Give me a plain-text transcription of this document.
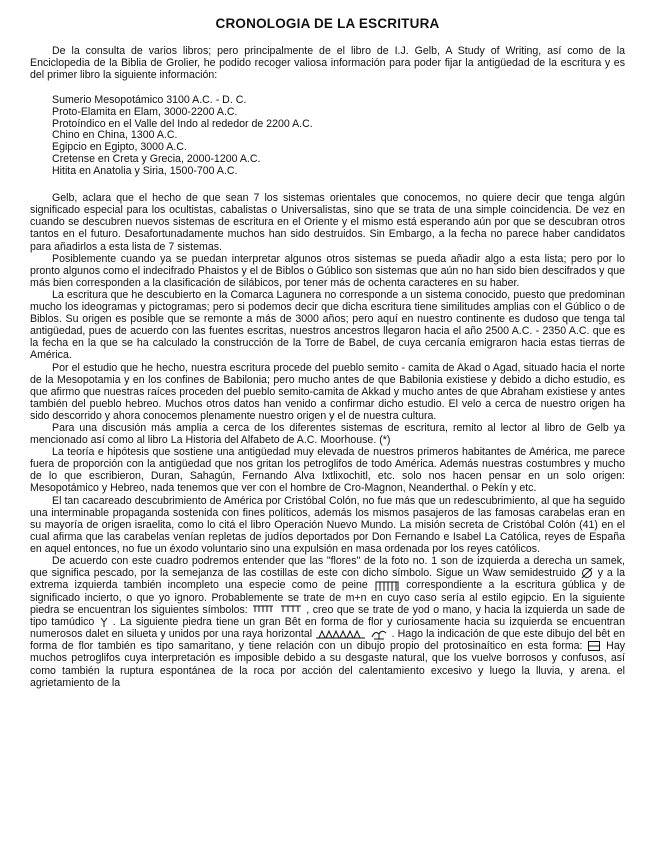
CRONOLOGIA DE LA ESCRITURA

De la consulta de varios libros; pero principalmente de el libro de I.J. Gelb, A Study of Writing, así como de la Enciclopedia de la Biblia de Grolier, he podido recoger valiosa información para poder fijar la antigüedad de la escritura y es del primer libro la siguiente información:

Sumerio Mesopotámico 3100 A.C. - D. C.
Proto-Elamita en Elam, 3000-2200 A.C.
Protoíndico en el Valle del Indo al rededor de 2200 A.C.
Chino en China, 1300 A.C.
Egipcio en Egipto, 3000 A.C.
Cretense en Creta y Grecia, 2000-1200 A.C.
Hitita en Anatolia y Siria, 1500-700 A.C.

Gelb, aclara que el hecho de que sean 7 los sistemas orientales que conocemos, no quiere decir que tenga algún significado especial para los ocultistas, cabalistas o Universalistas, sino que se trata de una simple coincidencia. De vez en cuando se descubren nuevos sistemas de escritura en el Oriente y el mismo está esperando aún por que se descubran otros tantos en el futuro. Desafortunadamente muchos han sido destruidos. Sin Embargo, a la fecha no parece haber candidatos para añadirlos a esta lista de 7 sistemas.

Posiblemente cuando ya se puedan interpretar algunos otros sistemas se pueda añadir algo a esta lista; pero por lo pronto algunos como el indecifrado Phaistos y el de Biblos o Gúblico son sistemas que aún no han sido bien descifrados y que más bien corresponden a la clasificación de silábicos, por tener más de ochenta caracteres en su haber.

La escritura que he descubierto en la Comarca Lagunera no corresponde a un sistema conocido, puesto que predominan mucho los ideogramas y pictogramas; pero si podemos decir que dicha escritura tiene similitudes amplias con el Gúblico o de Biblos. Su origen es posible que se remonte a más de 3000 años; pero aquí en nuestro continente es dudoso que tenga tal antigüedad, pues de acuerdo con las fuentes escritas, nuestros ancestros llegaron hacia el año 2500 A.C. - 2350 A.C. que es la fecha en la que se ha calculado la construcción de la Torre de Babel, de cuya cercanía emigraron hacia estas tierras de América.

Por el estudio que he hecho, nuestra escritura procede del pueblo semito - camita de Akad o Agad, situado hacia el norte de la Mesopotamia y en los confines de Babilonia; pero mucho antes de que Babilonia existiese y debido a dicho estudio, es que afirmo que nuestras raíces proceden del pueblo semito-camita de Akkad y mucho antes de que Abraham existiese y antes también del pueblo hebreo. Muchos otros datos han venido a confirmar dicho estudio. El velo a cerca de nuestro origen ha sido descorrido y ahora conocemos plenamente nuestro origen y el de nuestra cultura.

Para una discusión más amplia a cerca de los diferentes sistemas de escritura, remito al lector al libro de Gelb ya mencionado así como al libro La Historia del Alfabeto de A.C. Moorhouse. (*)

La teoría e hipótesis que sostiene una antigüedad muy elevada de nuestros primeros habitantes de América, me parece fuera de proporción con la antigüedad que nos gritan los petroglifos de todo América. Además nuestras costumbres y mucho de lo que escribieron, Duran, Sahagún, Fernando Alva Ixtlixochitl, etc. solo nos hacen pensar en un solo origen: Mesopotámico y Hebreo, nada tenemos que ver con el hombre de Cro-Magnon, Neanderthal. o Pekín y etc.

El tan cacareado descubrimiento de América por Cristóbal Colón, no fue más que un redescubrimiento, al que ha seguido una interminable propaganda sostenida con fines políticos, además los mismos pasajeros de las famosas carabelas eran en su mayoría de origen israelita, como lo citá el libro Operación Nuevo Mundo. La misión secreta de Cristóbal Colón (41) en el cual afirma que las carabelas venían repletas de judíos deportados por Don Fernando e Isabel La Católica, reyes de España en aquel entonces, no fue un éxodo voluntario sino una expulsión en masa ordenada por los reyes católicos.

De acuerdo con este cuadro podremos entender que las "flores" de la foto no. 1 son de izquierda a derecha un samek, que significa pescado, por la semejanza de las costillas de este con dicho símbolo. Sigue un Waw semidestruido y a la extrema izquierda también incompleto una especie como de peine	correspondiente a la escritura gública y de significado incierto, o que yo ignoro. Probablemente se trate de m+n en cuyo caso sería al estilo egipcio. En la siguiente piedra se encuentran los siguientes símbolos:	, creo que se trate de yod o mano, y hacia la izquierda un sade de tipo tamúdico . La siguiente piedra tiene un gran Bêt en forma de flor y curiosamente hacia su izquierda se encuentran numerosos dalet en silueta y unidos por una raya horizontal	. Hago la indicación de que este dibujo del bêt en forma de flor también es tipo samaritano, y tiene relación con un dibujo propio del protosinaítico en esta forma: Hay muchos petroglifos cuya interpretación es imposible debido a su desgaste natural, que los vuelve borrosos y confusos, así como también la ruptura espontánea de la roca por acción del calentamiento excesivo y luego la lluvia, y arena. el agrietamiento de la
